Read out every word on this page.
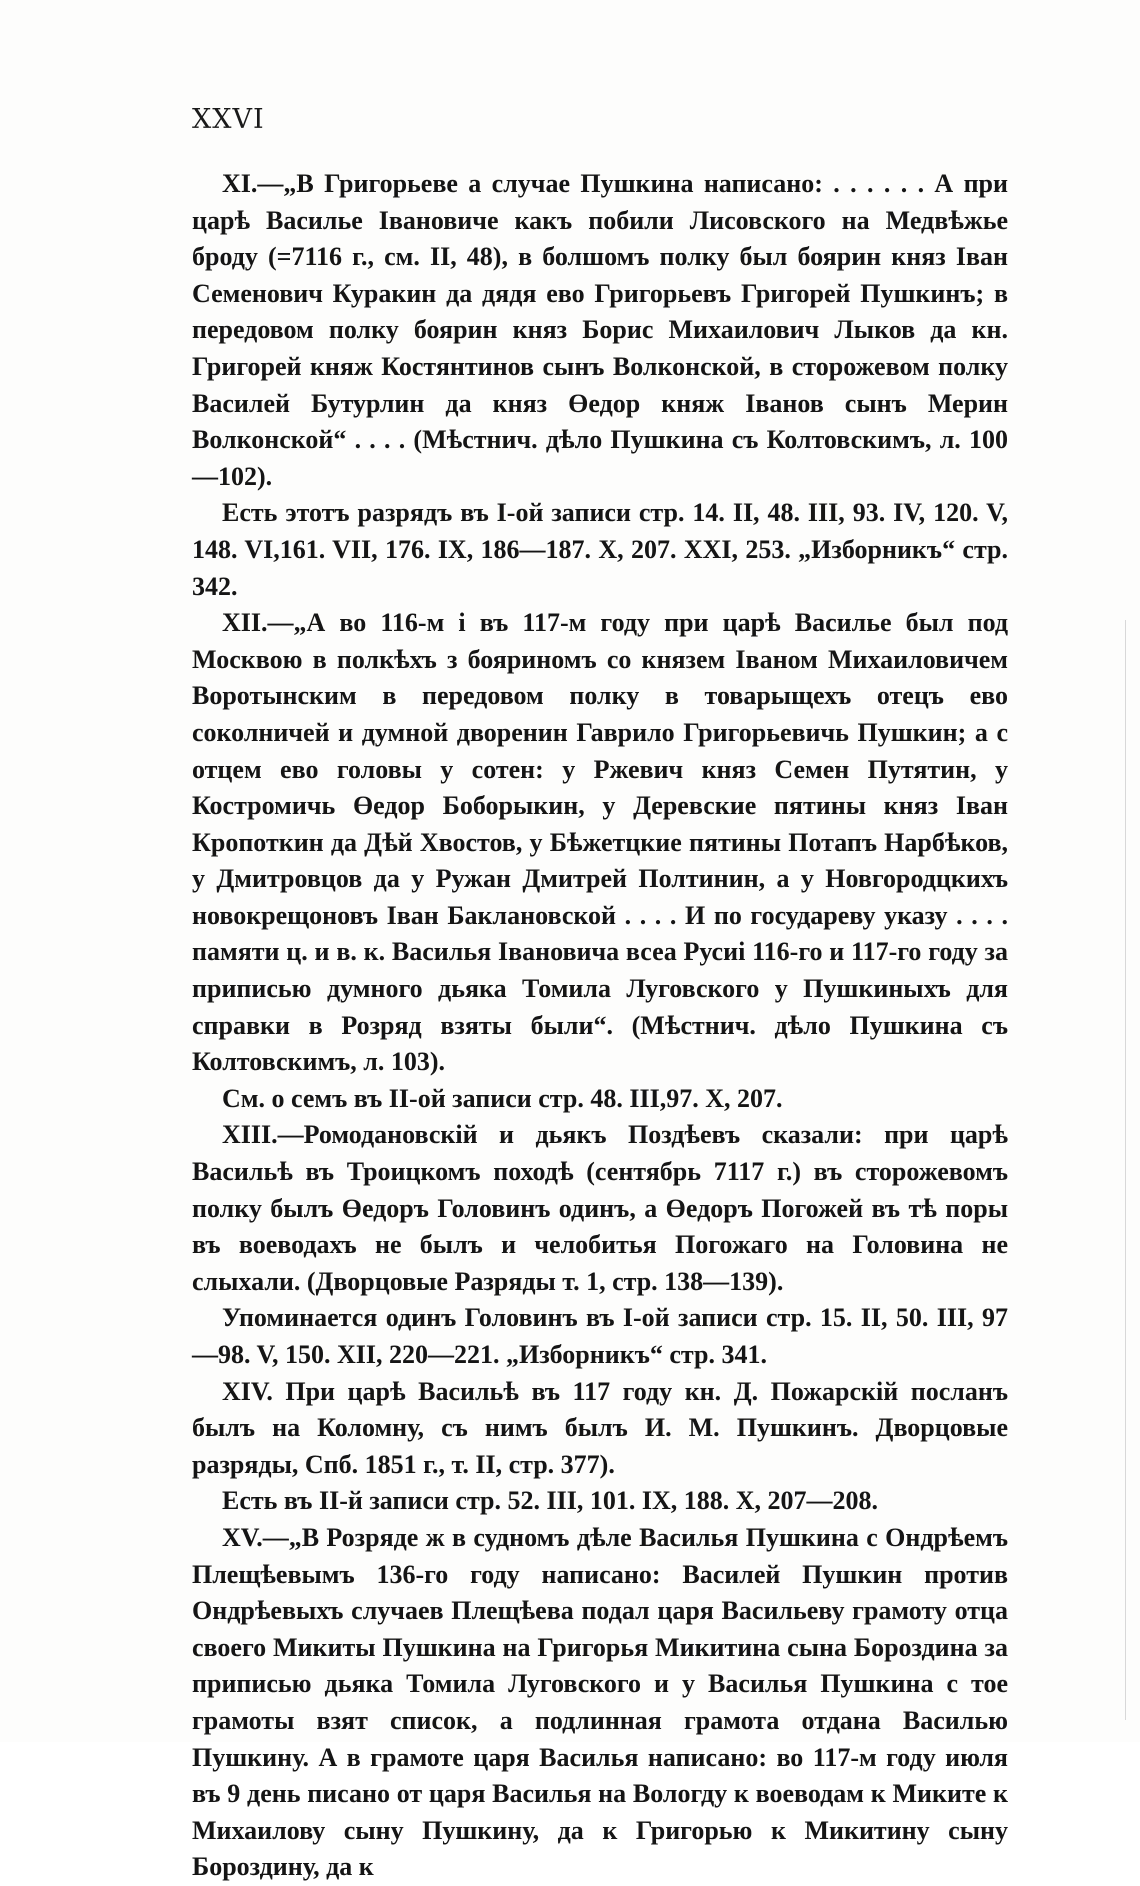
XXVI

XI.—„В Григорьеве а случае Пушкина написано: . . . . . . А при царѣ Василье Івановиче какъ побили Лисовского на Медвѣжье броду (=7116 г., см. II, 48), в болшомъ полку был боярин княз Іван Семенович Куракин да дядя ево Григорьевъ Григорей Пушкинъ; в передовом полку боярин княз Борис Михаилович Лыков да кн. Григорей княж Костянтинов сынъ Волконской, в сторожевом полку Василей Бутурлин да княз Өедор княж Іванов сынъ Мерин Волконской“ . . . . (Мѣстнич. дѣло Пушкина съ Колтовскимъ, л. 100—102).

Есть этотъ разрядъ въ І-ой записи стр. 14. II, 48. III, 93. IV, 120. V, 148. VI,161. VII, 176. IX, 186—187. X, 207. XXI, 253. „Изборникъ“ стр. 342.

XII.—„А во 116-м і въ 117-м году при царѣ Василье был под Москвою в полкѣхъ з бояриномъ со князем Іваном Михаиловичем Воротынским в передовом полку в товарыщехъ отецъ ево соколничей и думной дворенин Гаврило Григорьевичь Пушкин; а с отцем ево головы у сотен: у Ржевич княз Семен Путятин, у Костромичь Өедор Боборыкин, у Деревские пятины княз Іван Кропоткин да Дѣй Хвостов, у Бѣжетцкие пятины Потапъ Нарбѣков, у Дмитровцов да у Ружан Дмитрей Полтинин, а у Новгородцкихъ новокрещоновъ Іван Баклановской . . . . И по государеву указу . . . . памяти ц. и в. к. Василья Івановича всеа Русиі 116-го и 117-го году за приписью думного дьяка Томила Луговского у Пушкиныхъ для справки в Розряд взяты были“. (Мѣстнич. дѣло Пушкина съ Колтовскимъ, л. 103).

См. о семъ въ II-ой записи стр. 48. III,97. X, 207.

XIII.—Ромодановскій и дьякъ Поздѣевъ сказали: при царѣ Васильѣ въ Троицкомъ походѣ (сентябрь 7117 г.) въ сторожевомъ полку былъ Өедоръ Головинъ одинъ, а Өедоръ Погожей въ тѣ поры въ воеводахъ не былъ и челобитья Погожаго на Головина не слыхали. (Дворцовые Разряды т. 1, стр. 138—139).

Упоминается одинъ Головинъ въ І-ой записи стр. 15. II, 50. III, 97—98. V, 150. XII, 220—221. „Изборникъ“ стр. 341.

XIV. При царѣ Васильѣ въ 117 году кн. Д. Пожарскій посланъ былъ на Коломну, съ нимъ былъ И. М. Пушкинъ. Дворцовые разряды, Спб. 1851 г., т. II, стр. 377).

Есть въ II-й записи стр. 52. III, 101. IX, 188. X, 207—208.

XV.—„В Розряде ж в судномъ дѣле Василья Пушкина с Ондрѣемъ Плещѣевымъ 136-го году написано: Василей Пушкин против Ондрѣевыхъ случаев Плещѣева подал царя Васильеву грамоту отца своего Микиты Пушкина на Григорья Микитина сына Бороздина за приписью дьяка Томила Луговского и у Василья Пушкина с тое грамоты взят список, а подлинная грамота отдана Василью Пушкину. А в грамоте царя Василья написано: во 117-м году июля въ 9 день писано от царя Василья на Вологду к воеводам к Миките к Михаилову сыну Пушкину, да к Григорью к Микитину сыну Бороздину, да к
